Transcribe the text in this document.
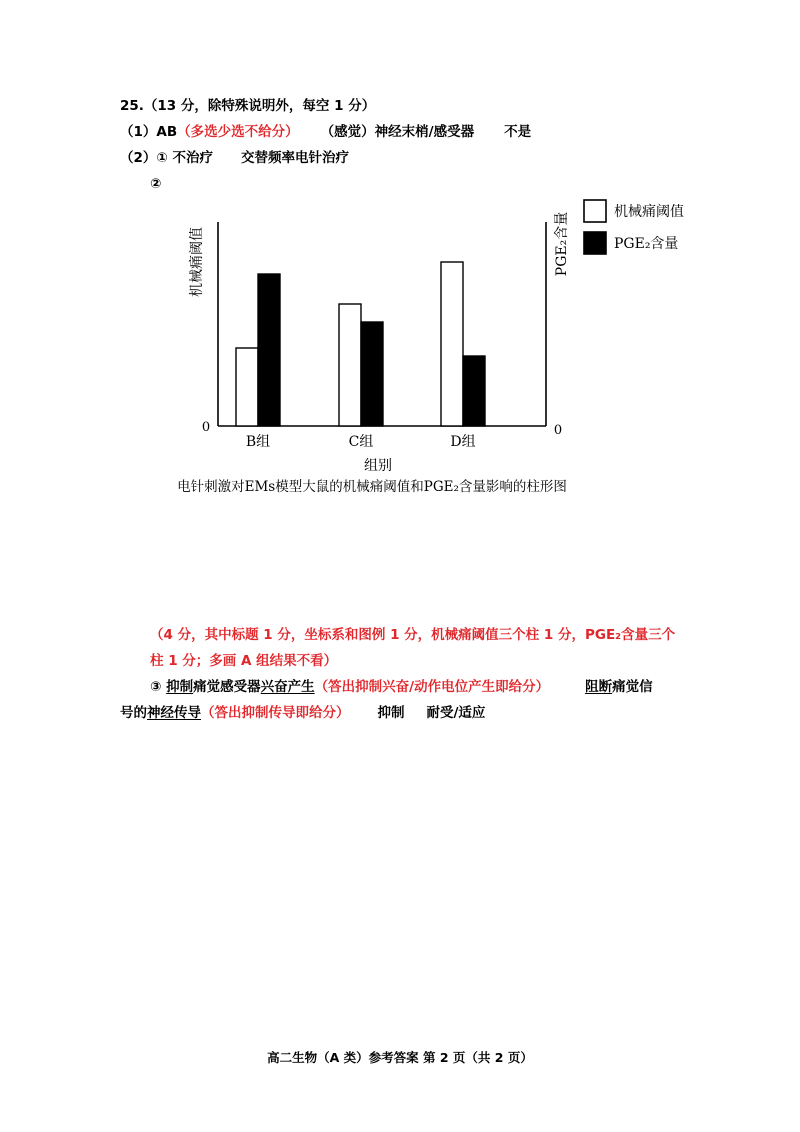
25.（13 分，除特殊说明外，每空 1 分）
（1）AB（多选少选不给分） （感觉）神经末梢/感受器 不是
（2）① 不治疗 交替频率电针治疗
②
0	0
机械痛阈值	PGE₂含量
B组	C组	D组
组别
电针刺激对EMs模型大鼠的机械痛阈值和PGE₂含量影响的柱形图
机械痛阈值
PGE₂含量
（4 分，其中标题 1 分，坐标系和图例 1 分，机械痛阈值三个柱 1 分，PGE₂含量三个
柱 1 分；多画 A 组结果不看）
③ 抑制痛觉感受器兴奋产生（答出抑制兴奋/动作电位产生即给分）	阻断痛觉信
号的神经传导（答出抑制传导即给分） 抑制 耐受/适应
高二生物（A 类）参考答案 第 2 页（共 2 页）
